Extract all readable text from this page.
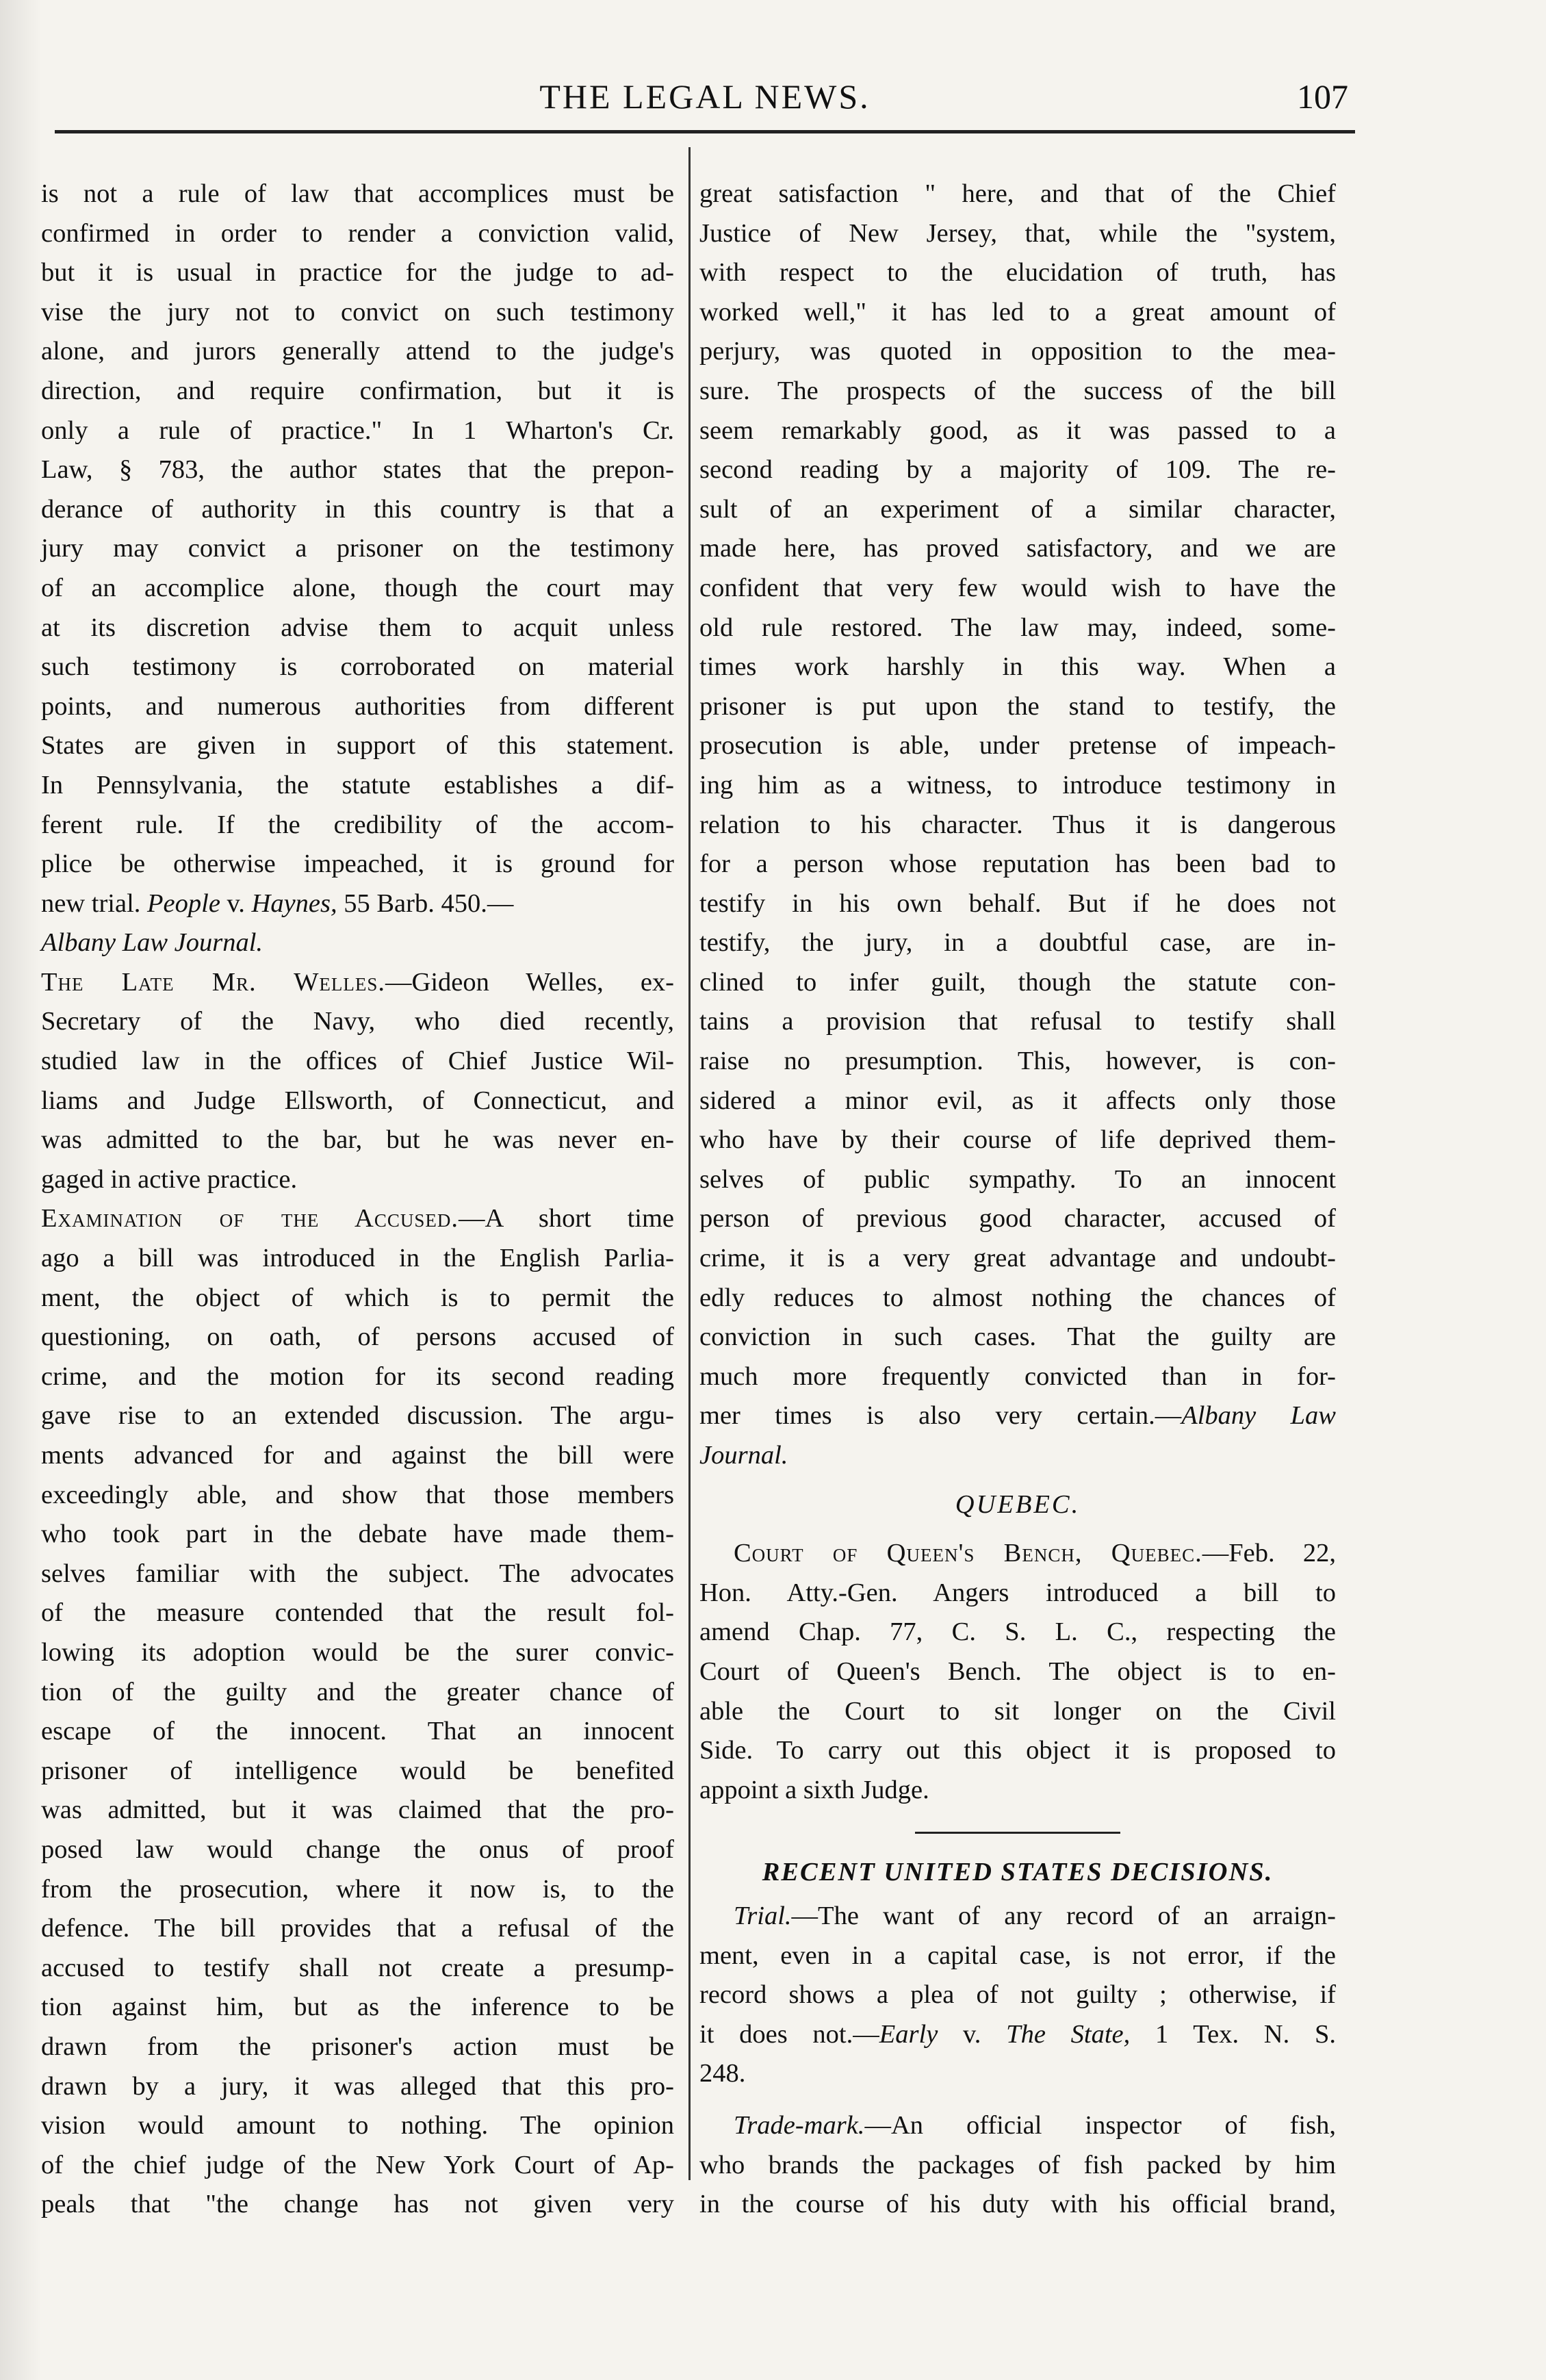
THE LEGAL NEWS.	107
is not a rule of law that accomplices must be
confirmed in order to render a conviction valid,
but it is usual in practice for the judge to ad-
vise the jury not to convict on such testimony
alone, and jurors generally attend to the judge's
direction, and require confirmation, but it is
only a rule of practice." In 1 Wharton's Cr.
Law, § 783, the author states that the prepon-
derance of authority in this country is that a
jury may convict a prisoner on the testimony
of an accomplice alone, though the court may
at its discretion advise them to acquit unless
such testimony is corroborated on material
points, and numerous authorities from different
States are given in support of this statement.
In Pennsylvania, the statute establishes a dif-
ferent rule. If the credibility of the accom-
plice be otherwise impeached, it is ground for
new trial. People v. Haynes, 55 Barb. 450.—
Albany Law Journal.
The Late Mr. Welles.—Gideon Welles, ex-
Secretary of the Navy, who died recently,
studied law in the offices of Chief Justice Wil-
liams and Judge Ellsworth, of Connecticut, and
was admitted to the bar, but he was never en-
gaged in active practice.
Examination of the Accused.—A short time
ago a bill was introduced in the English Parlia-
ment, the object of which is to permit the
questioning, on oath, of persons accused of
crime, and the motion for its second reading
gave rise to an extended discussion. The argu-
ments advanced for and against the bill were
exceedingly able, and show that those members
who took part in the debate have made them-
selves familiar with the subject. The advocates
of the measure contended that the result fol-
lowing its adoption would be the surer convic-
tion of the guilty and the greater chance of
escape of the innocent. That an innocent
prisoner of intelligence would be benefited
was admitted, but it was claimed that the pro-
posed law would change the onus of proof
from the prosecution, where it now is, to the
defence. The bill provides that a refusal of the
accused to testify shall not create a presump-
tion against him, but as the inference to be
drawn from the prisoner's action must be
drawn by a jury, it was alleged that this pro-
vision would amount to nothing. The opinion
of the chief judge of the New York Court of Ap-
peals that "the change has not given very
great satisfaction " here, and that of the Chief
Justice of New Jersey, that, while the "system,
with respect to the elucidation of truth, has
worked well," it has led to a great amount of
perjury, was quoted in opposition to the mea-
sure. The prospects of the success of the bill
seem remarkably good, as it was passed to a
second reading by a majority of 109. The re-
sult of an experiment of a similar character,
made here, has proved satisfactory, and we are
confident that very few would wish to have the
old rule restored. The law may, indeed, some-
times work harshly in this way. When a
prisoner is put upon the stand to testify, the
prosecution is able, under pretense of impeach-
ing him as a witness, to introduce testimony in
relation to his character. Thus it is dangerous
for a person whose reputation has been bad to
testify in his own behalf. But if he does not
testify, the jury, in a doubtful case, are in-
clined to infer guilt, though the statute con-
tains a provision that refusal to testify shall
raise no presumption. This, however, is con-
sidered a minor evil, as it affects only those
who have by their course of life deprived them-
selves of public sympathy. To an innocent
person of previous good character, accused of
crime, it is a very great advantage and undoubt-
edly reduces to almost nothing the chances of
conviction in such cases. That the guilty are
much more frequently convicted than in for-
mer times is also very certain.—Albany Law
Journal.
QUEBEC.
Court of Queen's Bench, Quebec.—Feb. 22,
Hon. Atty.-Gen. Angers introduced a bill to
amend Chap. 77, C. S. L. C., respecting the
Court of Queen's Bench. The object is to en-
able the Court to sit longer on the Civil
Side. To carry out this object it is proposed to
appoint a sixth Judge.
RECENT UNITED STATES DECISIONS.
Trial.—The want of any record of an arraign-
ment, even in a capital case, is not error, if the
record shows a plea of not guilty ; otherwise, if
it does not.—Early v. The State, 1 Tex. N. S.
248.
Trade-mark.—An official inspector of fish,
who brands the packages of fish packed by him
in the course of his duty with his official brand,
